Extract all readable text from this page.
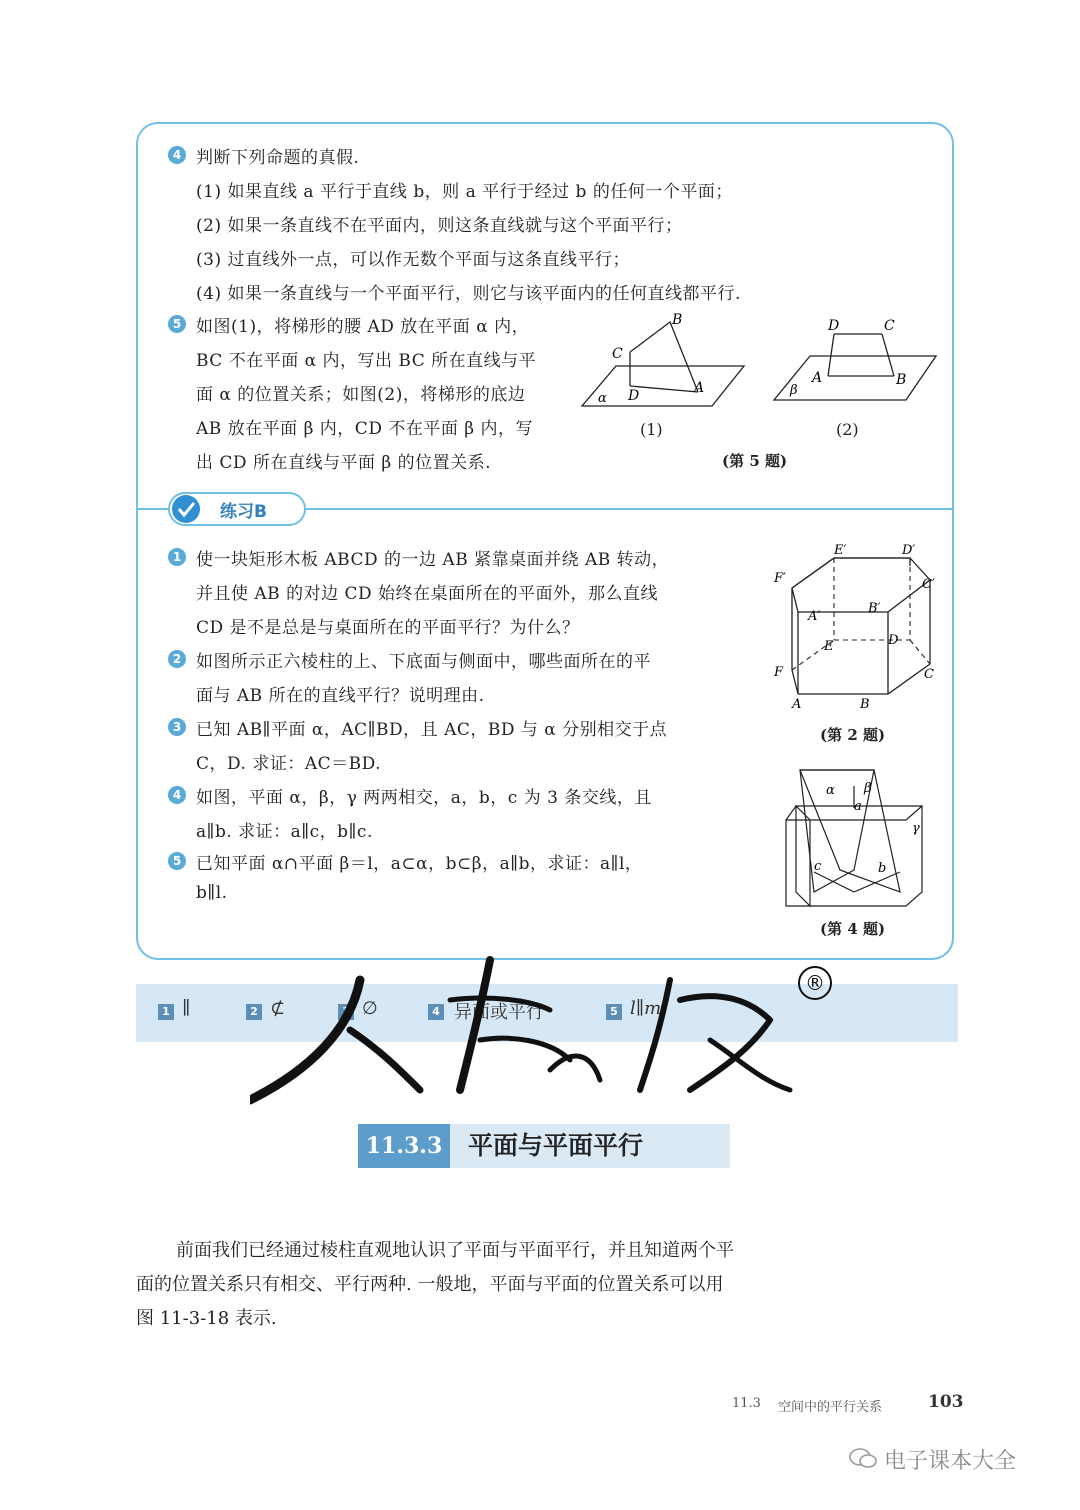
4 判断下列命题的真假.
(1) 如果直线 a 平行于直线 b，则 a 平行于经过 b 的任何一个平面；
(2) 如果一条直线不在平面内，则这条直线就与这个平面平行；
(3) 过直线外一点，可以作无数个平面与这条直线平行；
(4) 如果一条直线与一个平面平行，则它与该平面内的任何直线都平行.
5 如图(1)，将梯形的腰 AD 放在平面 α 内，
BC 不在平面 α 内，写出 BC 所在直线与平
面 α 的位置关系；如图(2)，将梯形的底边
AB 放在平面 β 内，CD 不在平面 β 内，写
出 CD 所在直线与平面 β 的位置关系.
B
C
D	A
α
(1)
D	C
A	B
β
(2)
(第 5 题)
练习B
1 使一块矩形木板 ABCD 的一边 AB 紧靠桌面并绕 AB 转动，
并且使 AB 的对边 CD 始终在桌面所在的平面外，那么直线
CD 是不是总是与桌面所在的平面平行？为什么？
2 如图所示正六棱柱的上、下底面与侧面中，哪些面所在的平
面与 AB 所在的直线平行？说明理由.
3 已知 AB∥平面 α，AC∥BD，且 AC，BD 与 α 分别相交于点
C，D. 求证：AC＝BD.
4 如图，平面 α，β，γ 两两相交，a，b，c 为 3 条交线，且
a∥b. 求证：a∥c，b∥c.
5 已知平面 α∩平面 β＝l，a⊂α，b⊂β，a∥b，求证：a∥l，
b∥l.
E′	D′
F′	C′
A′
B′
E	D
F	C
A	B
(第 2 题)
α β
γ
a
b
c
(第 4 题)
1 ∥	2 ⊄	3 ∅	4 异面或平行	5 l∥m
®
11.3.3	平面与平面平行
前面我们已经通过棱柱直观地认识了平面与平面平行，并且知道两个平
面的位置关系只有相交、平行两种. 一般地，平面与平面的位置关系可以用
图 11-3-18 表示.
11.3 空间中的平行关系	103
电子课本大全
